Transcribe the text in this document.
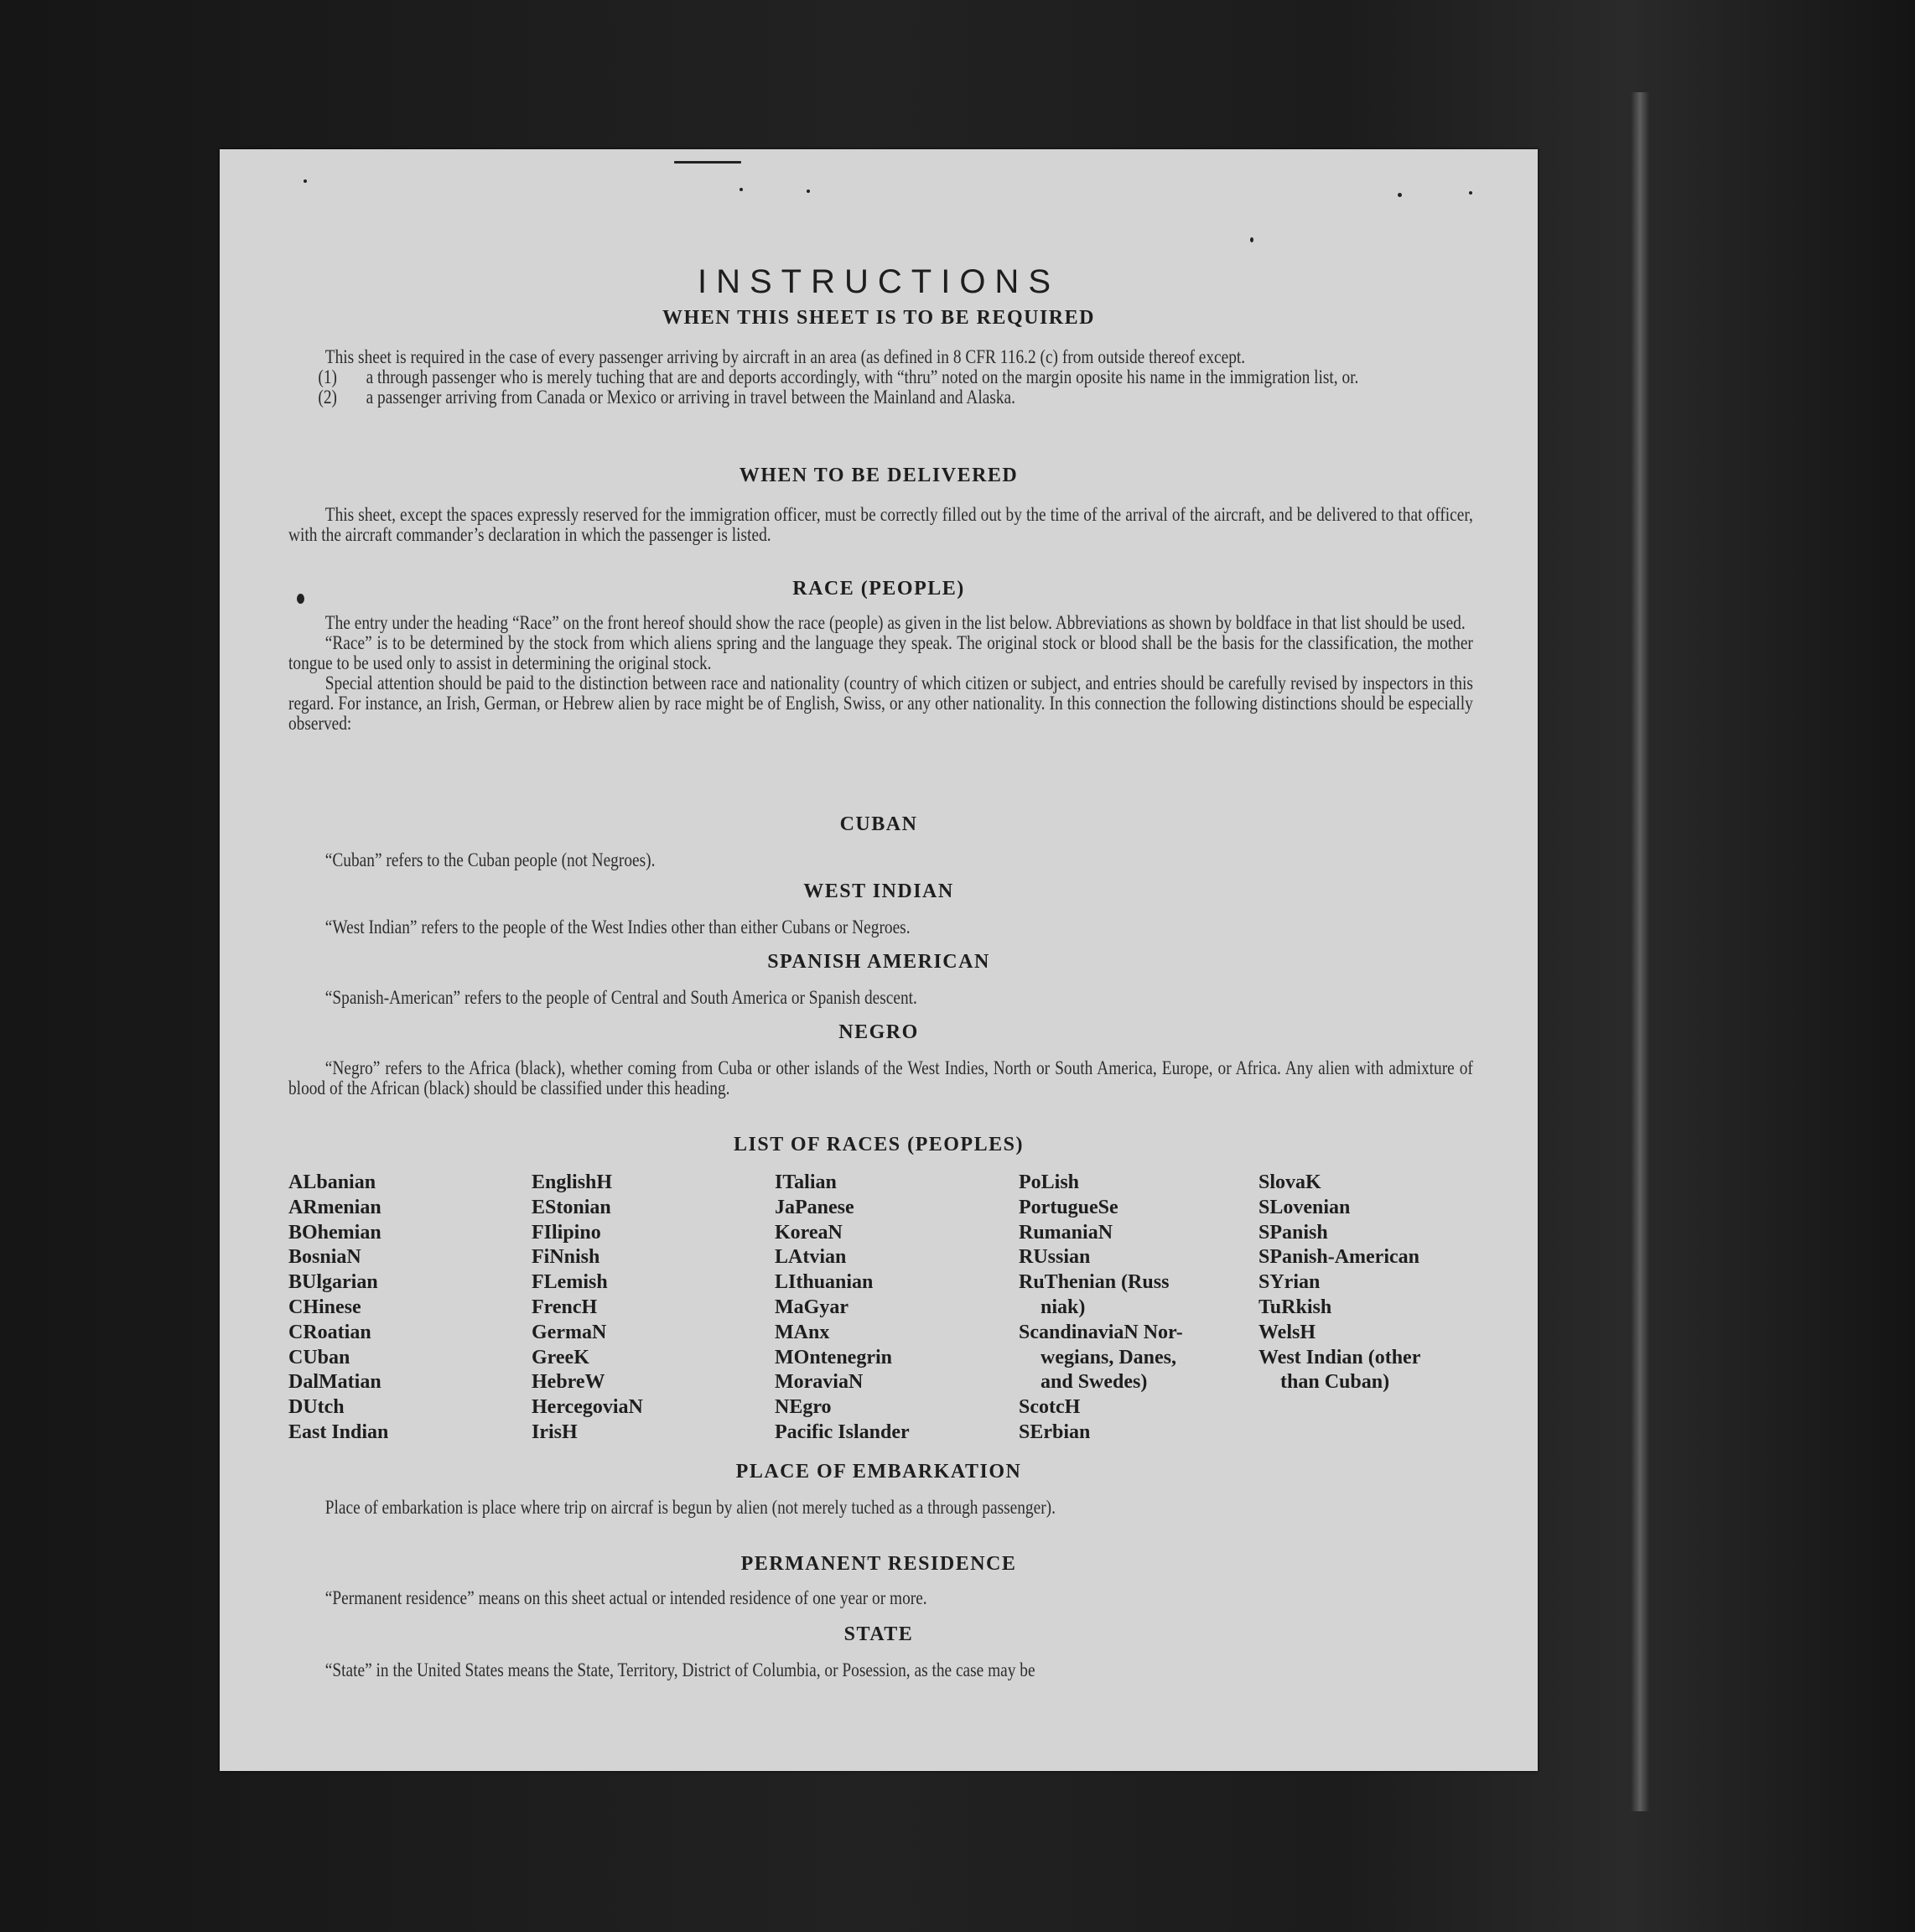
INSTRUCTIONS
WHEN THIS SHEET IS TO BE REQUIRED

This sheet is required in the case of every passenger arriving by aircraft in an area (as defined in 8 CFR 116.2 (c) from outside thereof except.

(1) a through passenger who is merely tuching that are and deports accordingly, with “thru” noted on the margin oposite his name in the immigration list, or.

(2) a passenger arriving from Canada or Mexico or arriving in travel between the Mainland and Alaska.

WHEN TO BE DELIVERED

This sheet, except the spaces expressly reserved for the immigration officer, must be correctly filled out by the time of the arrival of the aircraft, and be delivered to that officer, with the aircraft commander’s declaration in which the passenger is listed.

RACE (PEOPLE)

The entry under the heading “Race” on the front hereof should show the race (people) as given in the list below. Abbreviations as shown by boldface in that list should be used.

“Race” is to be determined by the stock from which aliens spring and the language they speak. The original stock or blood shall be the basis for the classification, the mother tongue to be used only to assist in determining the original stock.

Special attention should be paid to the distinction between race and nationality (country of which citizen or subject, and entries should be carefully revised by inspectors in this regard. For instance, an Irish, German, or Hebrew alien by race might be of English, Swiss, or any other nationality. In this connection the following distinctions should be especially observed:

CUBAN

“Cuban” refers to the Cuban people (not Negroes).

WEST INDIAN

“West Indian” refers to the people of the West Indies other than either Cubans or Negroes.

SPANISH AMERICAN

“Spanish-American” refers to the people of Central and South America or Spanish descent.

NEGRO

“Negro” refers to the Africa (black), whether coming from Cuba or other islands of the West Indies, North or South America, Europe, or Africa. Any alien with admixture of blood of the African (black) should be classified under this heading.

LIST OF RACES (PEOPLES)
ALbanian
ARmenian
BOhemian
BosniaN
BUlgarian
CHinese
CRoatian
CUban
DalMatian
DUtch
East Indian
EnglishH
EStonian
FIlipino
FiNnish
FLemish
FrencH
GermaN
GreeK
HebreW
HercegoviaN
IrisH
ITalian
JaPanese
KoreaN
LAtvian
LIthuanian
MaGyar
MAnx
MOntenegrin
MoraviaN
NEgro
Pacific Islander
PoLish
PortugueSe
RumaniaN
RUssian
RuThenian (Russ
niak)
ScandinaviaN Nor-
wegians, Danes,
and Swedes)
ScotcH
SErbian
SlovaK
SLovenian
SPanish
SPanish-American
SYrian
TuRkish
WelsH
West Indian (other
than Cuban)
PLACE OF EMBARKATION

Place of embarkation is place where trip on aircraf is begun by alien (not merely tuched as a through passenger).

PERMANENT RESIDENCE

“Permanent residence” means on this sheet actual or intended residence of one year or more.

STATE

“State” in the United States means the State, Territory, District of Columbia, or Posession, as the case may be
